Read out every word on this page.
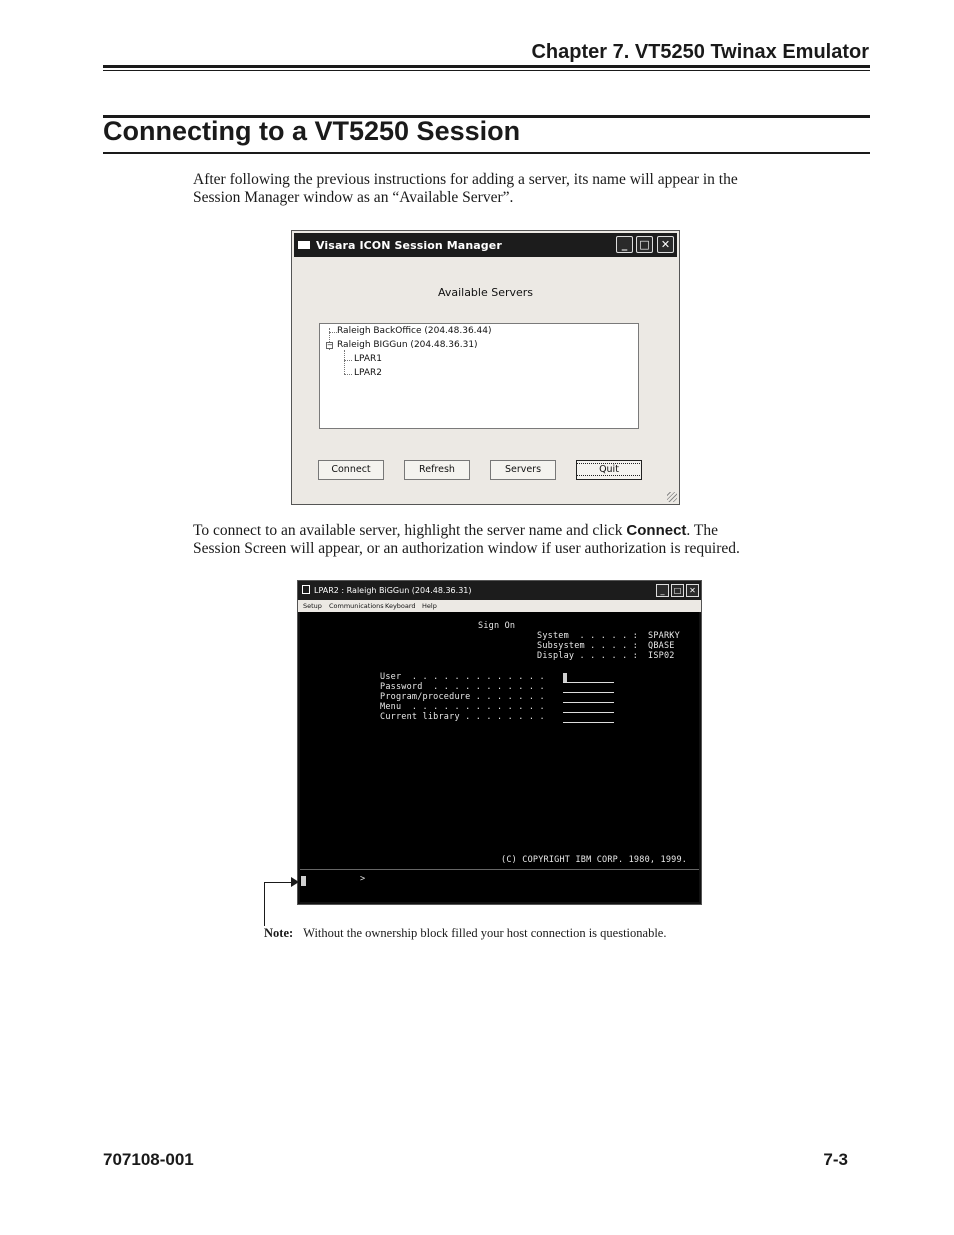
Chapter 7. VT5250 Twinax Emulator
Connecting to a VT5250 Session
After following the previous instructions for adding a server, its name will appear in the
Session Manager window as an “Available Server”.
Visara ICON Session Manager	_	□	✕
Available Servers
Raleigh BackOffice (204.48.36.44)
− Raleigh BIGGun (204.48.36.31)
LPAR1
LPAR2
Connect	Refresh	Servers	Quit
To connect to an available server, highlight the server name and click Connect. The
Session Screen will appear, or an authorization window if user authorization is required.
LPAR2 : Raleigh BiGGun (204.48.36.31)	_	□ ✕
Setup Communications Keyboard Help
Sign On
System  . . . . . : SPARKY
Subsystem . . . . : QBASE
Display . . . . . : ISP02
User  . . . . . . . . . . . . .
Password  . . . . . . . . . . .
Program/procedure . . . . . . .
Menu  . . . . . . . . . . . . .
Current library . . . . . . . .
(C) COPYRIGHT IBM CORP. 1980, 1999.
>
Note: Without the ownership block filled your host connection is questionable.
707108-001	7-3
